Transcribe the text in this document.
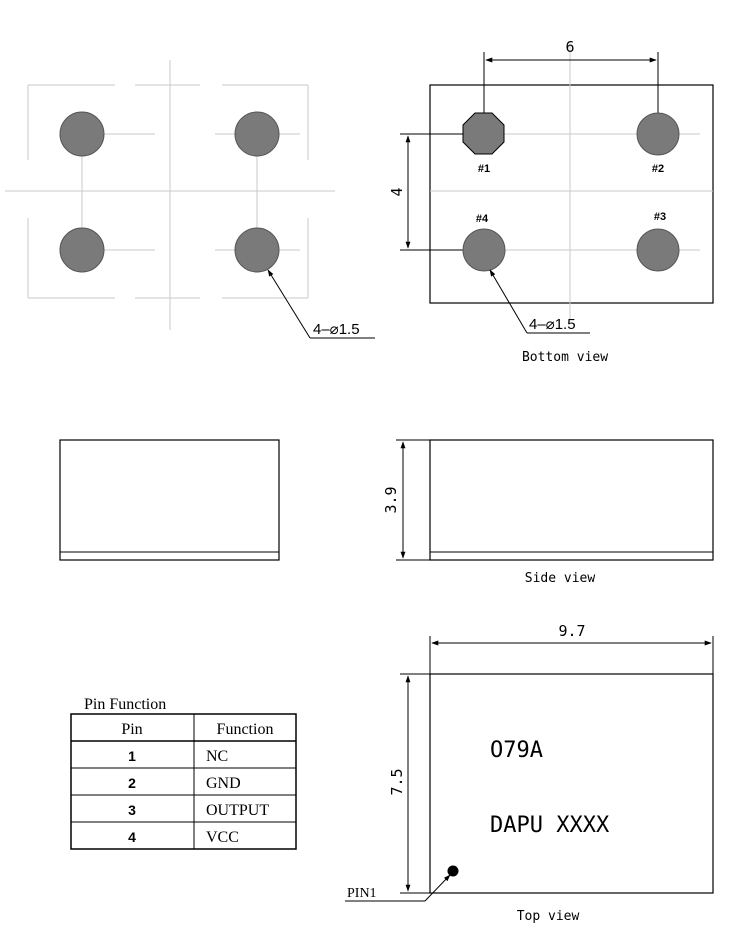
4–⌀1.5
6
4
#1	#2
#3
#4
4–⌀1.5
Bottom view
3.9
Side view
9.7
7.5
O79A
DAPU XXXX
PIN1
Top view
Pin Function
Pin	Function
1	NC
2	GND
3	OUTPUT
4	VCC
